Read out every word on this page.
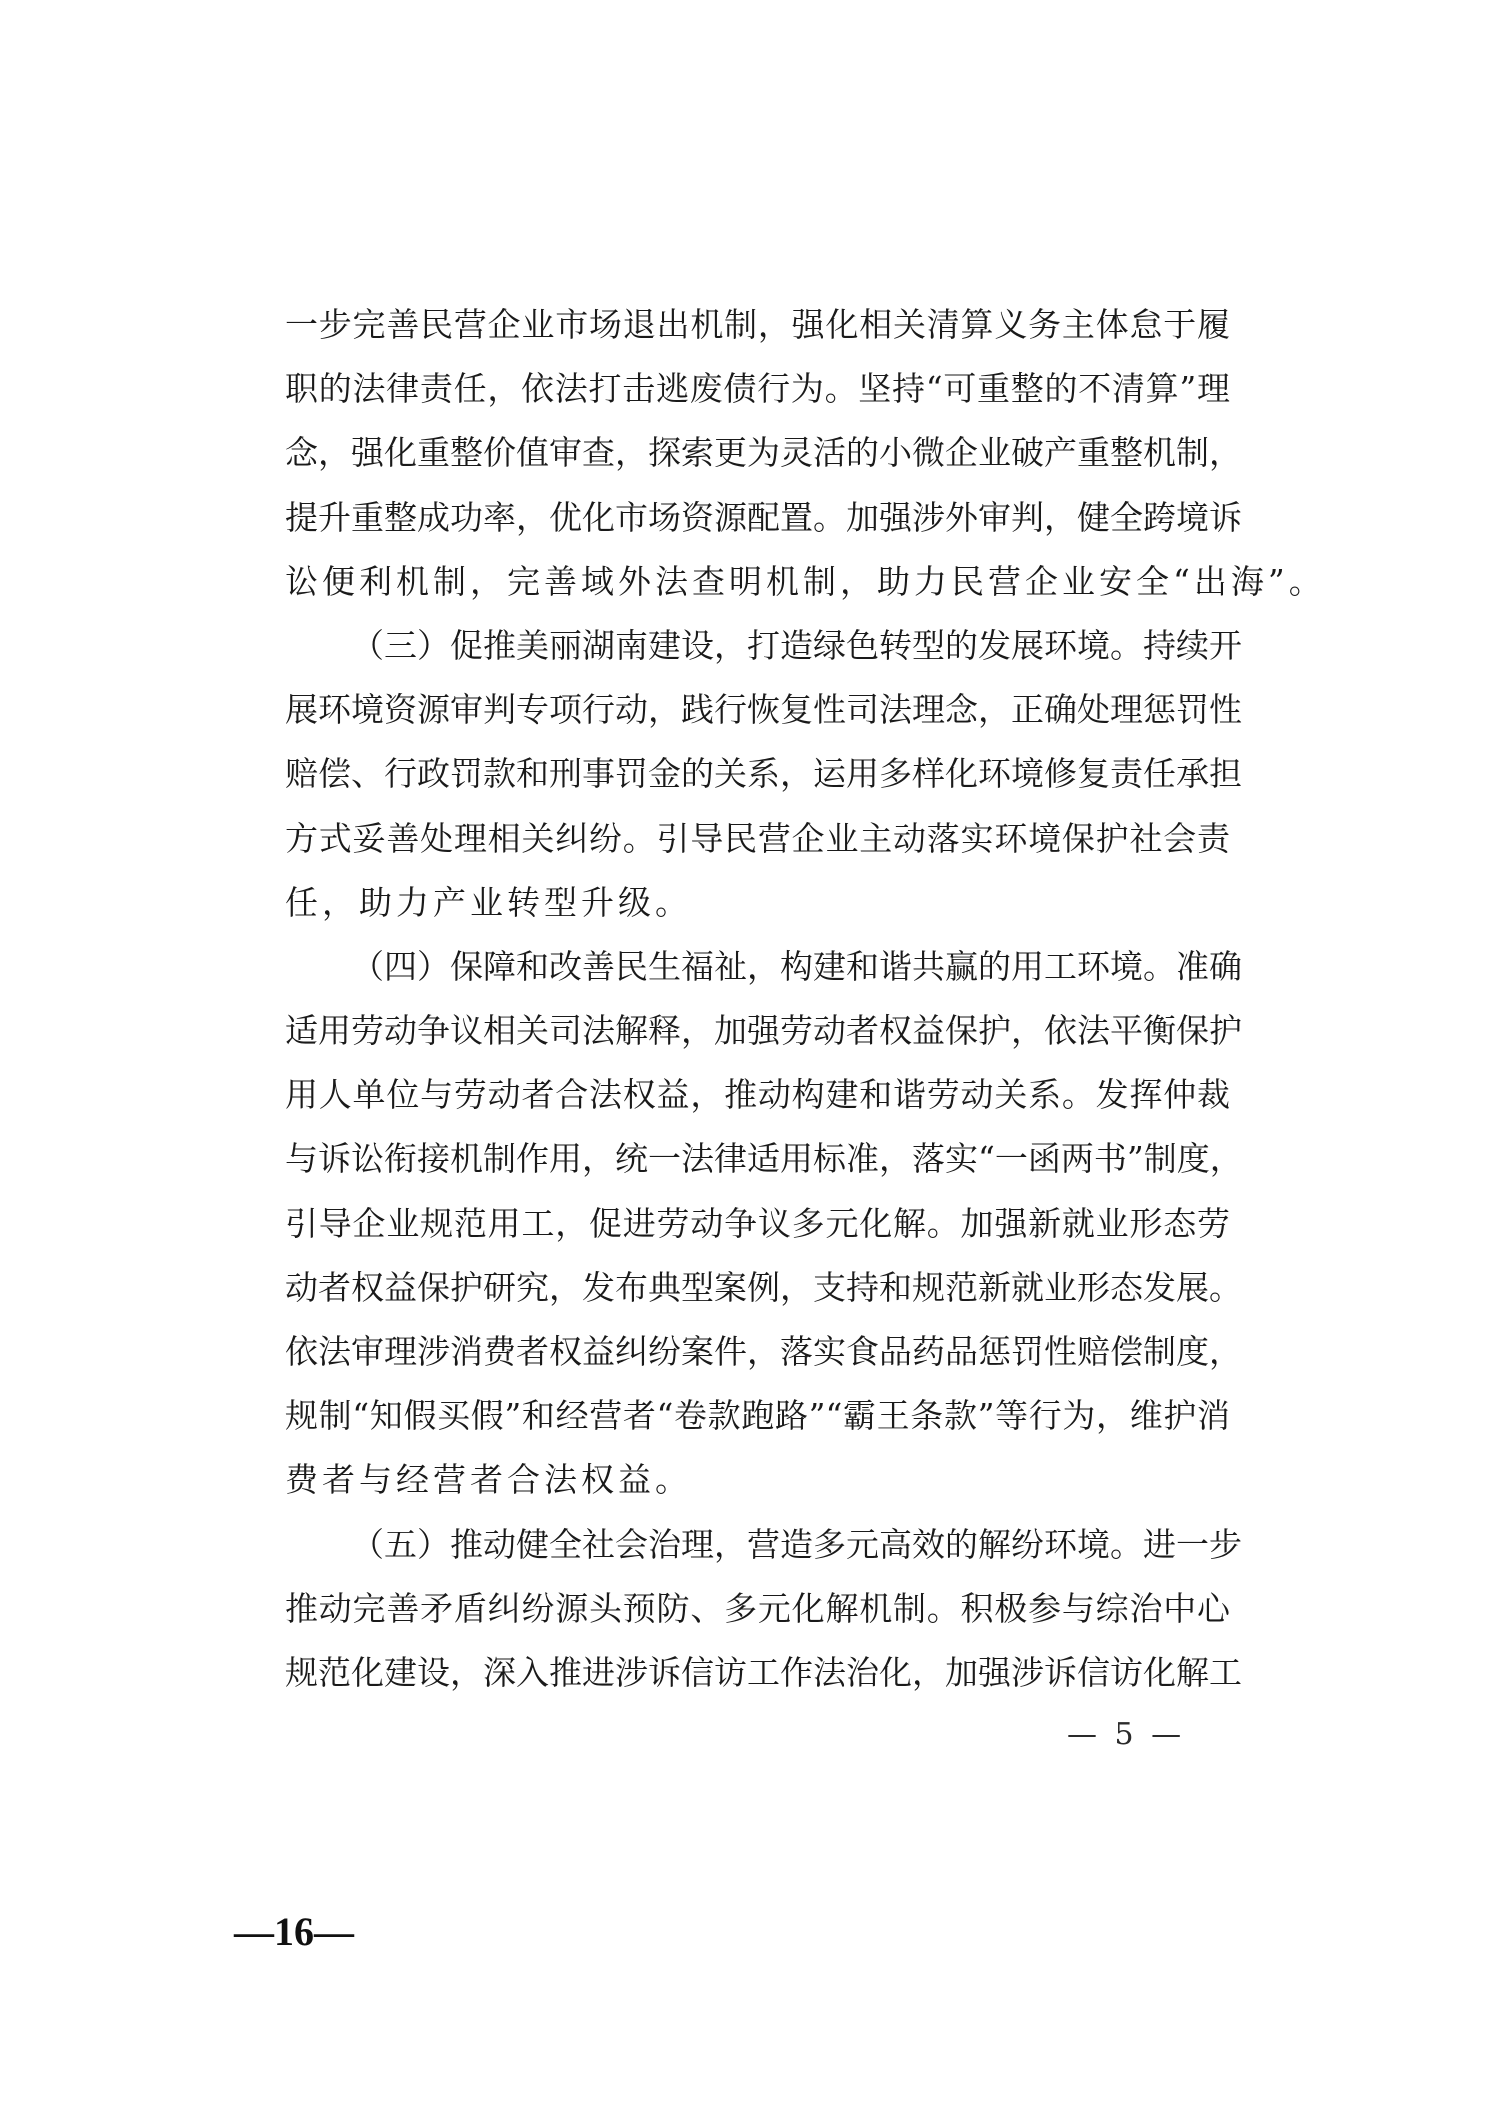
一步完善民营企业市场退出机制，强化相关清算义务主体怠于履
职的法律责任，依法打击逃废债行为。坚持“可重整的不清算”理
念，强化重整价值审查，探索更为灵活的小微企业破产重整机制，
提升重整成功率，优化市场资源配置。加强涉外审判，健全跨境诉
讼便利机制，完善域外法查明机制，助力民营企业安全“出海”。
（三）促推美丽湖南建设，打造绿色转型的发展环境。持续开
展环境资源审判专项行动，践行恢复性司法理念，正确处理惩罚性
赔偿、行政罚款和刑事罚金的关系，运用多样化环境修复责任承担
方式妥善处理相关纠纷。引导民营企业主动落实环境保护社会责
任，助力产业转型升级。
（四）保障和改善民生福祉，构建和谐共赢的用工环境。准确
适用劳动争议相关司法解释，加强劳动者权益保护，依法平衡保护
用人单位与劳动者合法权益，推动构建和谐劳动关系。发挥仲裁
与诉讼衔接机制作用，统一法律适用标准，落实“一函两书”制度，
引导企业规范用工，促进劳动争议多元化解。加强新就业形态劳
动者权益保护研究，发布典型案例，支持和规范新就业形态发展。
依法审理涉消费者权益纠纷案件，落实食品药品惩罚性赔偿制度，
规制“知假买假”和经营者“卷款跑路”“霸王条款”等行为，维护消
费者与经营者合法权益。
（五）推动健全社会治理，营造多元高效的解纷环境。进一步
推动完善矛盾纠纷源头预防、多元化解机制。积极参与综治中心
规范化建设，深入推进涉诉信访工作法治化，加强涉诉信访化解工
— 5 —
—16—
